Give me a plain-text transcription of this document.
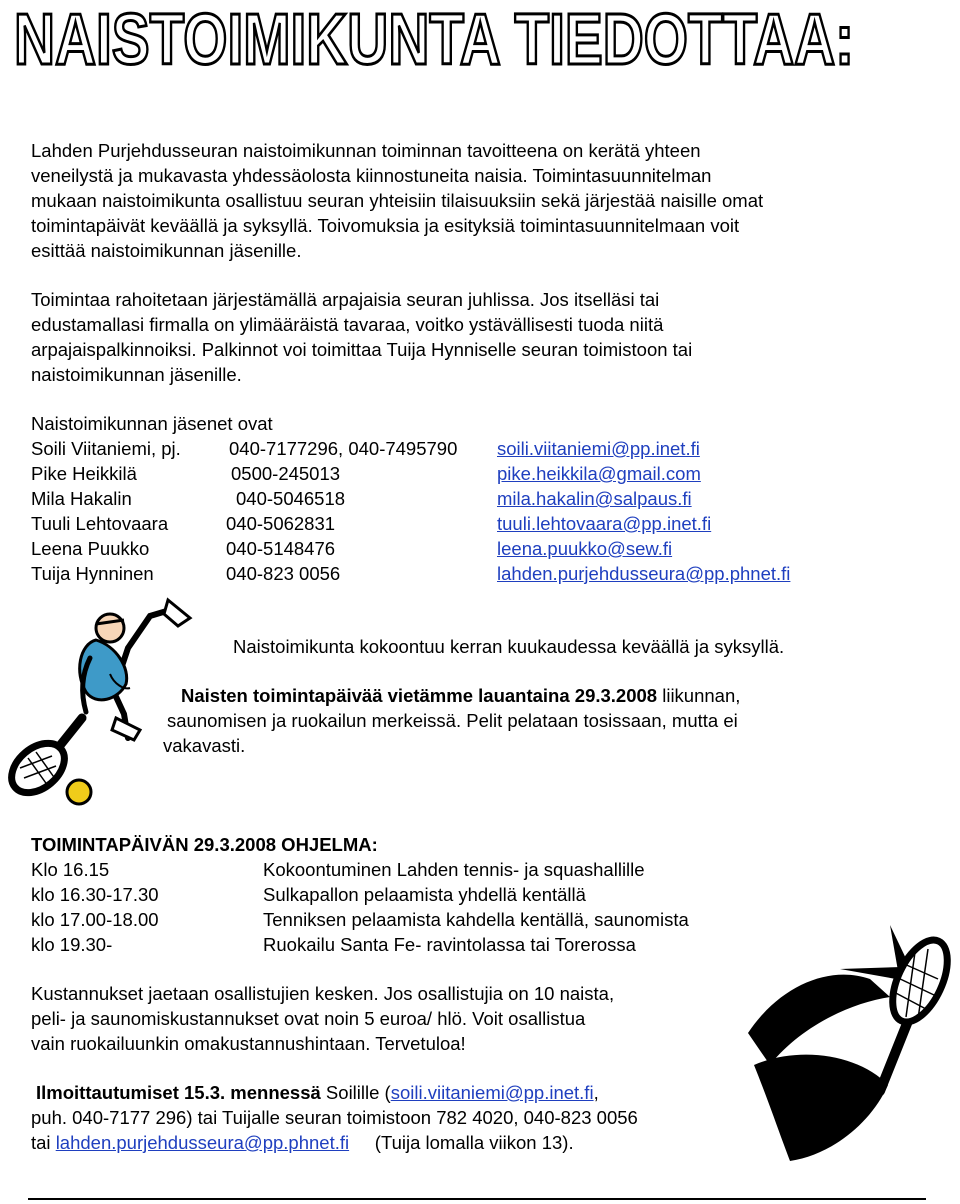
NAISTOIMIKUNTA TIEDOTTAA:
Lahden Purjehdusseuran naistoimikunnan toiminnan tavoitteena on kerätä yhteen
veneilystä ja mukavasta yhdessäolosta kiinnostuneita naisia. Toimintasuunnitelman
mukaan naistoimikunta osallistuu seuran yhteisiin tilaisuuksiin sekä järjestää naisille omat
toimintapäivät keväällä ja syksyllä. Toivomuksia ja esityksiä toimintasuunnitelmaan voit
esittää naistoimikunnan jäsenille.
Toimintaa rahoitetaan järjestämällä arpajaisia seuran juhlissa. Jos itselläsi tai
edustamallasi firmalla on ylimääräistä tavaraa, voitko ystävällisesti tuoda niitä
arpajaispalkinnoiksi. Palkinnot voi toimittaa Tuija Hynniselle seuran toimistoon tai
naistoimikunnan jäsenille.
Naistoimikunnan jäsenet ovat
Soili Viitaniemi, pj.	040-7177296, 040-7495790 soili.viitaniemi@pp.inet.fi
Pike Heikkilä	0500-245013	pike.heikkila@gmail.com
Mila Hakalin	040-5046518	mila.hakalin@salpaus.fi
Tuuli Lehtovaara	040-5062831	tuuli.lehtovaara@pp.inet.fi
Leena Puukko	040-5148476	leena.puukko@sew.fi
Tuija Hynninen	040-823 0056	lahden.purjehdusseura@pp.phnet.fi
Naistoimikunta kokoontuu kerran kuukaudessa keväällä ja syksyllä.
Naisten toimintapäivää vietämme lauantaina 29.3.2008 liikunnan,
saunomisen ja ruokailun merkeissä. Pelit pelataan tosissaan, mutta ei
vakavasti.
TOIMINTAPÄIVÄN 29.3.2008 OHJELMA:
Klo 16.15	Kokoontuminen Lahden tennis- ja squashallille
klo 16.30-17.30	Sulkapallon pelaamista yhdellä kentällä
klo 17.00-18.00	Tenniksen pelaamista kahdella kentällä, saunomista
klo 19.30-	Ruokailu Santa Fe- ravintolassa tai Torerossa
Kustannukset jaetaan osallistujien kesken. Jos osallistujia on 10 naista,
peli- ja saunomiskustannukset ovat noin 5 euroa/ hlö. Voit osallistua
vain ruokailuunkin omakustannushintaan. Tervetuloa!
Ilmoittautumiset 15.3. mennessä Soilille (soili.viitaniemi@pp.inet.fi,
puh. 040-7177 296) tai Tuijalle seuran toimistoon 782 4020, 040-823 0056
tai lahden.purjehdusseura@pp.phnet.fi     (Tuija lomalla viikon 13).
